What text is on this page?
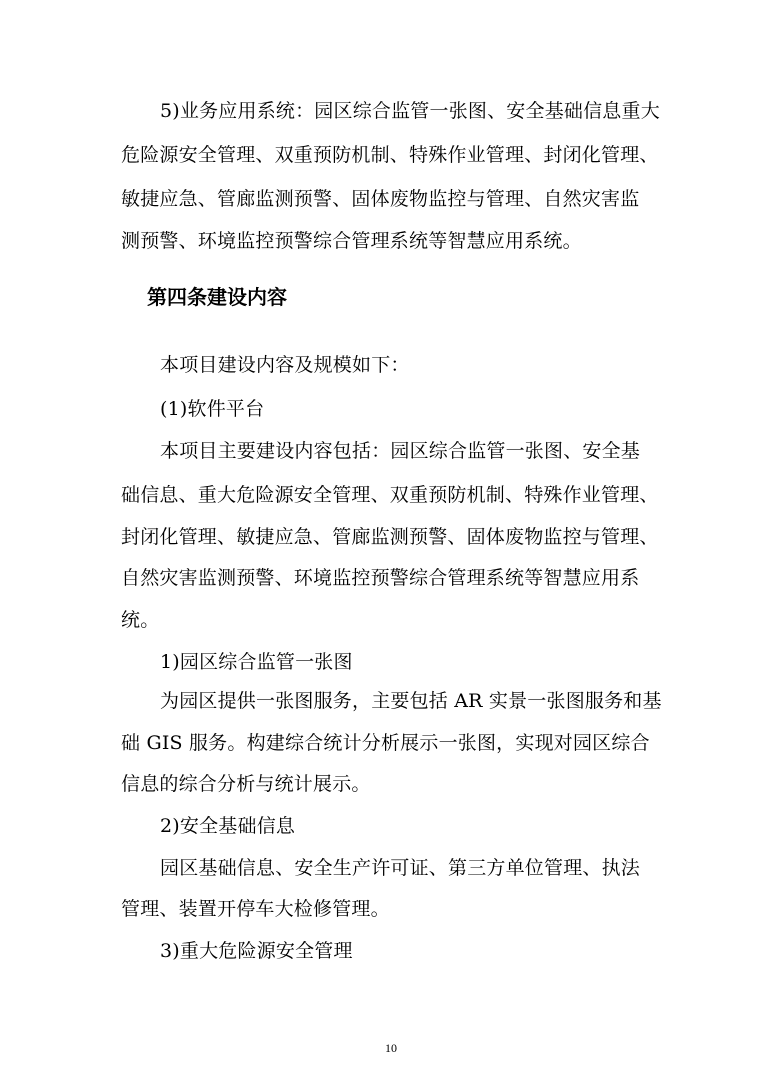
5)业务应用系统：园区综合监管一张图、安全基础信息重大
危险源安全管理、双重预防机制、特殊作业管理、封闭化管理、
敏捷应急、管廊监测预警、固体废物监控与管理、自然灾害监
测预警、环境监控预警综合管理系统等智慧应用系统。
第四条建设内容
本项目建设内容及规模如下：
(1)软件平台
本项目主要建设内容包括：园区综合监管一张图、安全基
础信息、重大危险源安全管理、双重预防机制、特殊作业管理、
封闭化管理、敏捷应急、管廊监测预警、固体废物监控与管理、
自然灾害监测预警、环境监控预警综合管理系统等智慧应用系
统。
1)园区综合监管一张图
为园区提供一张图服务，主要包括 AR 实景一张图服务和基
础 GIS 服务。构建综合统计分析展示一张图，实现对园区综合
信息的综合分析与统计展示。
2)安全基础信息
园区基础信息、安全生产许可证、第三方单位管理、执法
管理、装置开停车大检修管理。
3)重大危险源安全管理
10
